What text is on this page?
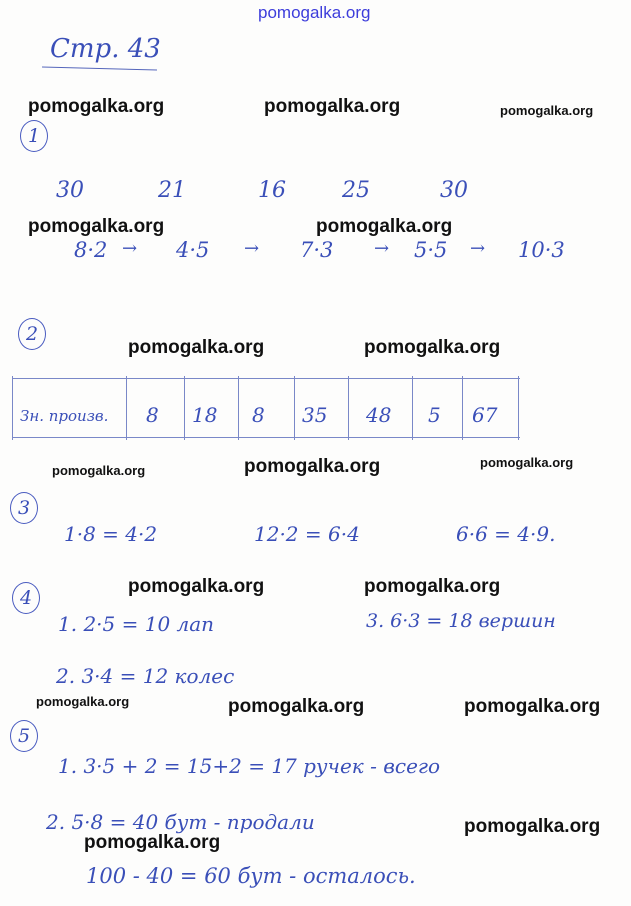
pomogalka.org
Стр. 43
pomogalka.org	pomogalka.org	pomogalka.org
1
30	21	16	25	30
pomogalka.org	pomogalka.org
8·2 → 4·5 → 7·3 → 5·5 → 10·3
2
pomogalka.org	pomogalka.org
Зн. произв. 8 18 8 35 48 5 67
pomogalka.org	pomogalka.org	pomogalka.org
3
1·8 = 4·2	12·2 = 6·4	6·6 = 4·9.
4
pomogalka.org	pomogalka.org
1. 2·5 = 10 лап	3. 6·3 = 18 вершин
2. 3·4 = 12 колес
pomogalka.org	pomogalka.org	pomogalka.org
5
1. 3·5 + 2 = 15+2 = 17 ручек - всего
2. 5·8 = 40 бут - продали	pomogalka.org
pomogalka.org
100 - 40 = 60 бут - осталось.
